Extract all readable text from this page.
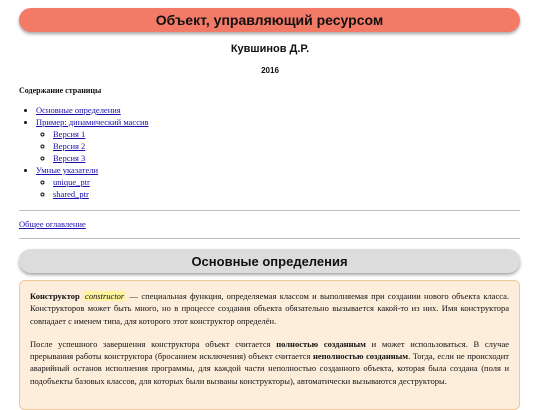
Объект, управляющий ресурсом
Кувшинов Д.Р.
2016
Содержание страницы
• Основные определения
• Пример: динамический массив
◦ Версия 1
◦ Версия 2
◦ Версия 3
• Умные указатели
◦ unique_ptr
◦ shared_ptr
Общее оглавление
Основные определения

Конструктор constructor — специальная функция, определяемая классом и выполняемая при создании нового объекта класса. Конструкторов может быть много, но в процессе создания объекта обязательно вызывается какой-то из них. Имя конструктора совпадает с именем типа, для которого этот конструктор определён.

После успешного завершения конструктора объект считается полностью созданным и может использоваться. В случае прерывания работы конструктора (бросанием исключения) объект считается неполностью созданным. Тогда, если не происходит аварийный останов исполнения программы, для каждой части неполностью созданного объекта, которая была создана (поля и подобъекты базовых классов, для которых были вызваны конструкторы), автоматически вызываются деструкторы.
